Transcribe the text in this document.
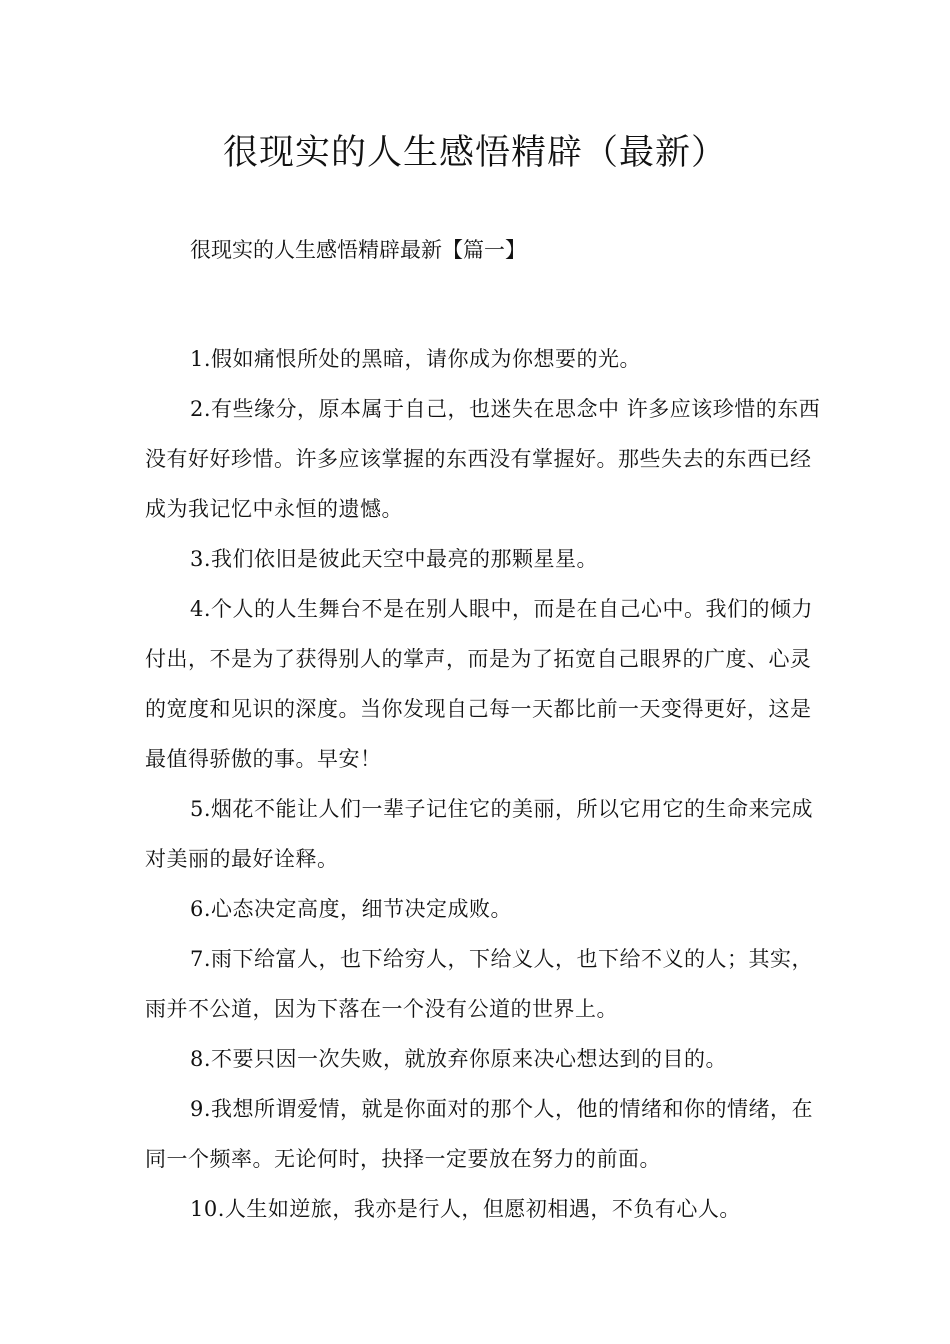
很现实的人生感悟精辟（最新）

很现实的人生感悟精辟最新【篇一】

1.假如痛恨所处的黑暗，请你成为你想要的光。

2.有些缘分，原本属于自己，也迷失在思念中 许多应该珍惜的东西没有好好珍惜。许多应该掌握的东西没有掌握好。那些失去的东西已经成为我记忆中永恒的遗憾。

3.我们依旧是彼此天空中最亮的那颗星星。

4.个人的人生舞台不是在别人眼中，而是在自己心中。我们的倾力付出，不是为了获得别人的掌声，而是为了拓宽自己眼界的广度、心灵的宽度和见识的深度。当你发现自己每一天都比前一天变得更好，这是最值得骄傲的事。早安！

5.烟花不能让人们一辈子记住它的美丽，所以它用它的生命来完成对美丽的最好诠释。

6.心态决定高度，细节决定成败。

7.雨下给富人，也下给穷人，下给义人，也下给不义的人；其实，雨并不公道，因为下落在一个没有公道的世界上。

8.不要只因一次失败，就放弃你原来决心想达到的目的。

9.我想所谓爱情，就是你面对的那个人，他的情绪和你的情绪，在同一个频率。无论何时，抉择一定要放在努力的前面。

10.人生如逆旅，我亦是行人，但愿初相遇，不负有心人。
